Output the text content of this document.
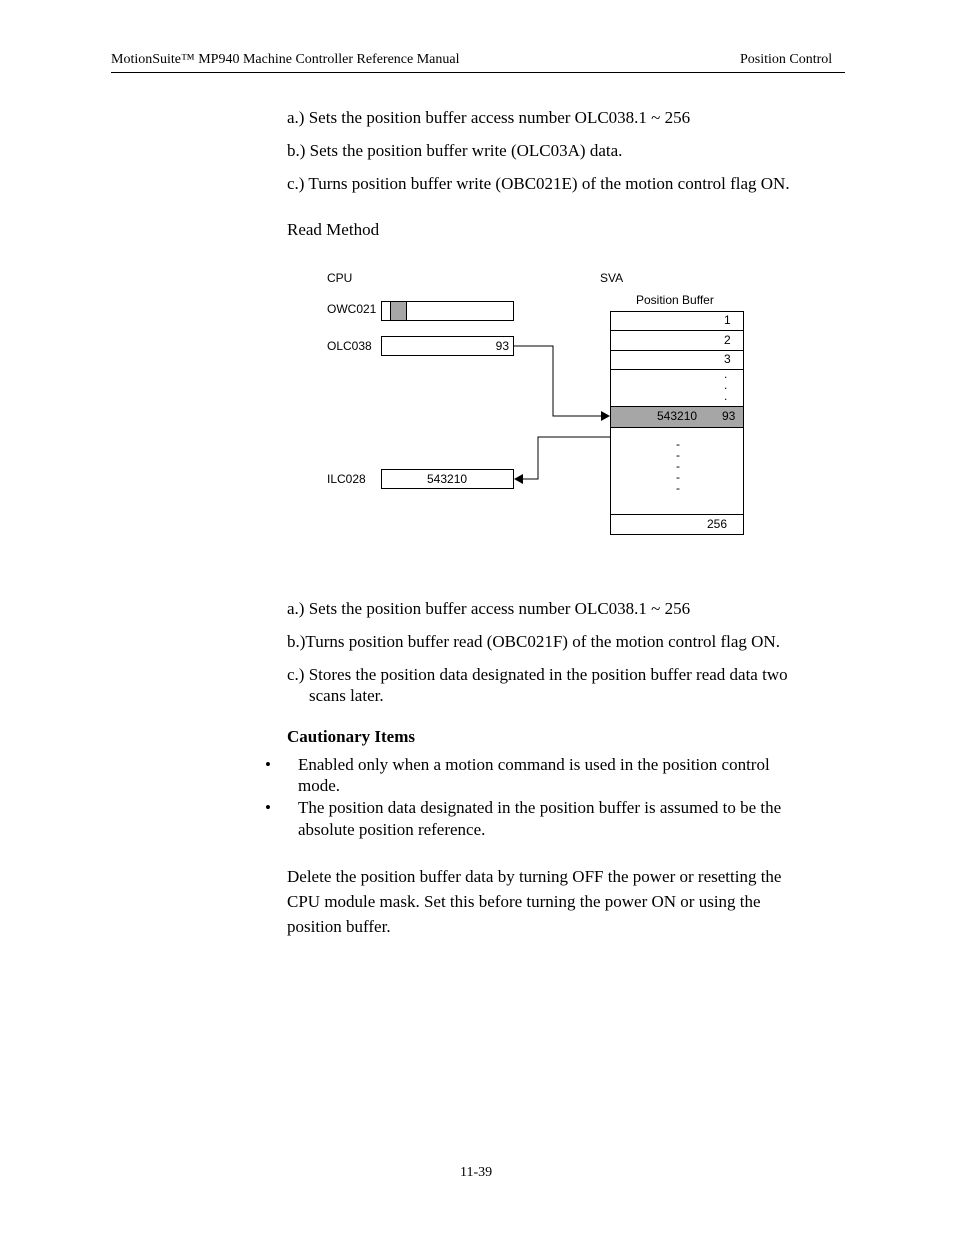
MotionSuite™ MP940 Machine Controller Reference Manual	Position Control
a.) Sets the position buffer access number OLC038.1 ~ 256
b.) Sets the position buffer write (OLC03A) data.
c.) Turns position buffer write (OBC021E) of the motion control flag ON.
Read Method
CPU	SVA
OWC021
OLC038	93
ILC028	543210
Position Buffer
1
2
3
.
.
.
543210 93
-
-
-
-
-
256
a.) Sets the position buffer access number OLC038.1 ~ 256
b.)Turns position buffer read (OBC021F) of the motion control flag ON.
c.) Stores the position data designated in the position buffer read data two
scans later.
Cautionary Items
• Enabled only when a motion command is used in the position control
mode.
• The position data designated in the position buffer is assumed to be the
absolute position reference.
Delete the position buffer data by turning OFF the power or resetting the
CPU module mask. Set this before turning the power ON or using the
position buffer.
11-39
